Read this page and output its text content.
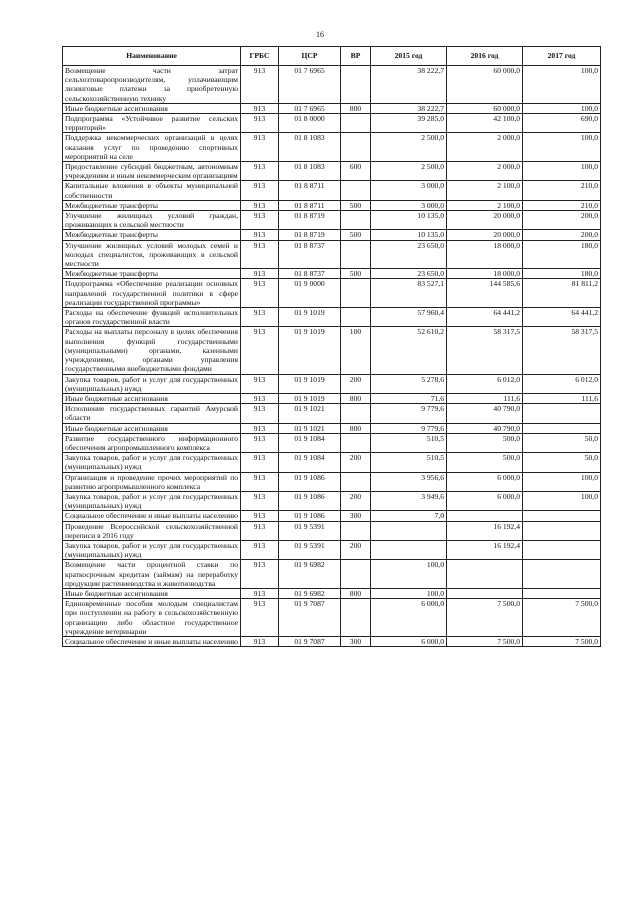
16
Наименование	ГРБС	ЦСР	ВР	2015 год	2016 год	2017 год
Возмещение части затрат сельхозтоваропроизводителям, уплачивающим лизинговые платежи за приобретенную сельскохозяйственную технику	913	01 7 6965		38 222,7	60 000,0	100,0
Иные бюджетные ассигнования	913	01 7 6965	800	38 222,7	60 000,0	100,0
Подпрограмма «Устойчивое развитие сельских территорий»	913	01 8 0000		39 285,0	42 100,0	690,0
Поддержка некоммерческих организаций в целях оказания услуг по проведению спортивных мероприятий на селе	913	01 8 1083		2 500,0	2 000,0	100,0
Предоставление субсидий бюджетным, автономным учреждениям и иным некоммерческим организациям	913	01 8 1083	600	2 500,0	2 000,0	100,0
Капитальные вложения в объекты муниципальной собственности	913	01 8 8711		3 000,0	2 100,0	210,0
Межбюджетные трансферты	913	01 8 8711	500	3 000,0	2 100,0	210,0
Улучшение жилищных условий граждан, проживающих в сельской местности	913	01 8 8719		10 135,0	20 000,0	200,0
Межбюджетные трансферты	913	01 8 8719	500	10 135,0	20 000,0	200,0
Улучшение жилищных условий молодых семей и молодых специалистов, проживающих в сельской местности	913	01 8 8737		23 650,0	18 000,0	180,0
Межбюджетные трансферты	913	01 8 8737	500	23 650,0	18 000,0	180,0
Подпрограмма «Обеспечение реализации основных направлений государственной политики в сфере реализации государственной программы»	913	01 9 0000		83 527,1	144 585,6	81 811,2
Расходы на обеспечение функций исполнительных органов государственной власти	913	01 9 1019		57 960,4	64 441,2	64 441,2
Расходы на выплаты персоналу в целях обеспечения выполнения функций государственными (муниципальными) органами, казенными учреждениями, органами управления государственными внебюджетными фондами	913	01 9 1019	100	52 610,2	58 317,5	58 317,5
Закупка товаров, работ и услуг для государственных (муниципальных) нужд	913	01 9 1019	200	5 278,6	6 012,0	6 012,0
Иные бюджетные ассигнования	913	01 9 1019	800	71,6	111,6	111,6
Исполнение государственных гарантий Амурской области	913	01 9 1021		9 779,6	40 790,0	
Иные бюджетные ассигнования	913	01 9 1021	800	9 779,6	40 790,0	
Развитие государственного информационного обеспечения агропромышленного комплекса	913	01 9 1084		510,5	500,0	50,0
Закупка товаров, работ и услуг для государственных (муниципальных) нужд	913	01 9 1084	200	510,5	500,0	50,0
Организация и проведение прочих мероприятий по развитию агропромышленного комплекса	913	01 9 1086		3 956,6	6 000,0	100,0
Закупка товаров, работ и услуг для государственных (муниципальных) нужд	913	01 9 1086	200	3 949,6	6 000,0	100,0
Социальное обеспечение и иные выплаты населению	913	01 9 1086	300	7,0		
Проведение Всероссийской сельскохозяйственной переписи в 2016 году	913	01 9 5391			16 192,4	
Закупка товаров, работ и услуг для государственных (муниципальных) нужд	913	01 9 5391	200		16 192,4	
Возмещение части процентной ставки по краткосрочным кредитам (займам) на переработку продукции растениеводства и животноводства	913	01 9 6982		100,0		
Иные бюджетные ассигнования	913	01 9 6982	800	100,0		
Единовременные пособия молодым специалистам при поступлении на работу в сельскохозяйственную организацию либо областное государственное учреждение ветеринарии	913	01 9 7087		6 000,0	7 500,0	7 500,0
Социальное обеспечение и иные выплаты населению	913	01 9 7087	300	6 000,0	7 500,0	7 500,0
